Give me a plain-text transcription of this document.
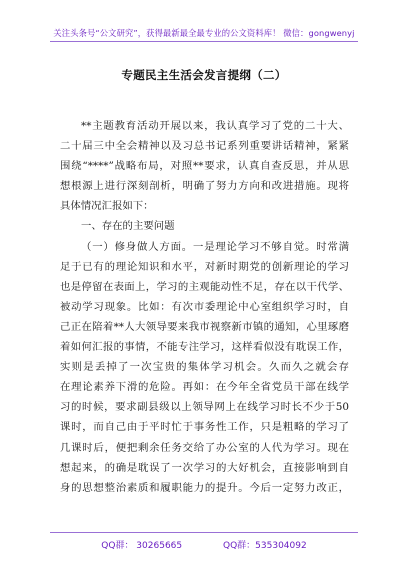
关注头条号“公文研究”，获得最新最全最专业的公文资料库！ 微信：gongwenyj
专题民主生活会发言提纲（二）
**主题教育活动开展以来，我认真学习了党的二十大、
二十届三中全会精神以及习总书记系列重要讲话精神，紧紧
围绕“****”战略布局，对照**要求，认真自查反思，并从思
想根源上进行深刻剖析，明确了努力方向和改进措施。现将
具体情况汇报如下：
一、存在的主要问题
（一）修身做人方面。一是理论学习不够自觉。时常满
足于已有的理论知识和水平，对新时期党的创新理论的学习
也是停留在表面上，学习的主观能动性不足，存在以干代学、
被动学习现象。比如：有次市委理论中心室组织学习时，自
己正在陪着**人大领导要来我市视察新市镇的通知，心里琢磨
着如何汇报的事情，不能专注学习，这样看似没有耽误工作，
实则是丢掉了一次宝贵的集体学习机会。久而久之就会存
在理论素养下滑的危险。再如：在今年全省党员干部在线学
习的时候，要求副县级以上领导网上在线学习时长不少于50
课时，而自己由于平时忙于事务性工作，只是粗略的学习了
几课时后，便把剩余任务交给了办公室的人代为学习。现在
想起来，的确是耽误了一次学习的大好机会，直接影响到自
身的思想整治素质和履职能力的提升。今后一定努力改正，
QQ群： 30265665	QQ群：535304092
